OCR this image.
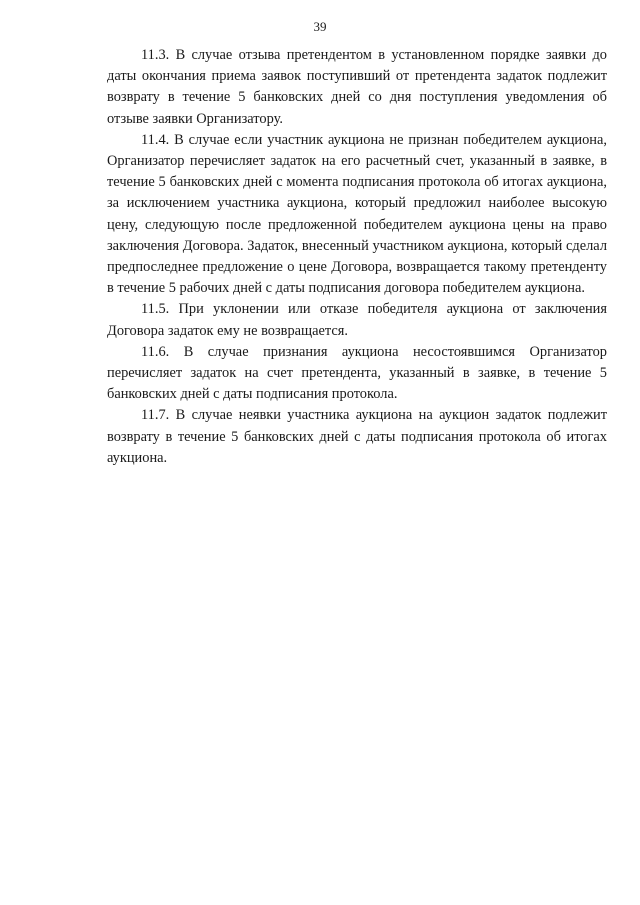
39

11.3. В случае отзыва претендентом в установленном порядке заявки до даты окончания приема заявок поступивший от претендента задаток подлежит возврату в течение 5 банковских дней со дня поступления уведомления об отзыве заявки Организатору.

11.4. В случае если участник аукциона не признан победителем аукциона, Организатор перечисляет задаток на его расчетный счет, указанный в заявке, в течение 5 банковских дней с момента подписания протокола об итогах аукциона, за исключением участника аукциона, который предложил наиболее высокую цену, следующую после предложенной победителем аукциона цены на право заключения Договора. Задаток, внесенный участником аукциона, который сделал предпоследнее предложение о цене Договора, возвращается такому претенденту в течение 5 рабочих дней с даты подписания договора победителем аукциона.

11.5. При уклонении или отказе победителя аукциона от заключения Договора задаток ему не возвращается.

11.6. В случае признания аукциона несостоявшимся Организатор перечисляет задаток на счет претендента, указанный в заявке, в течение 5 банковских дней с даты подписания протокола.

11.7. В случае неявки участника аукциона на аукцион задаток подлежит возврату в течение 5 банковских дней с даты подписания протокола об итогах аукциона.
